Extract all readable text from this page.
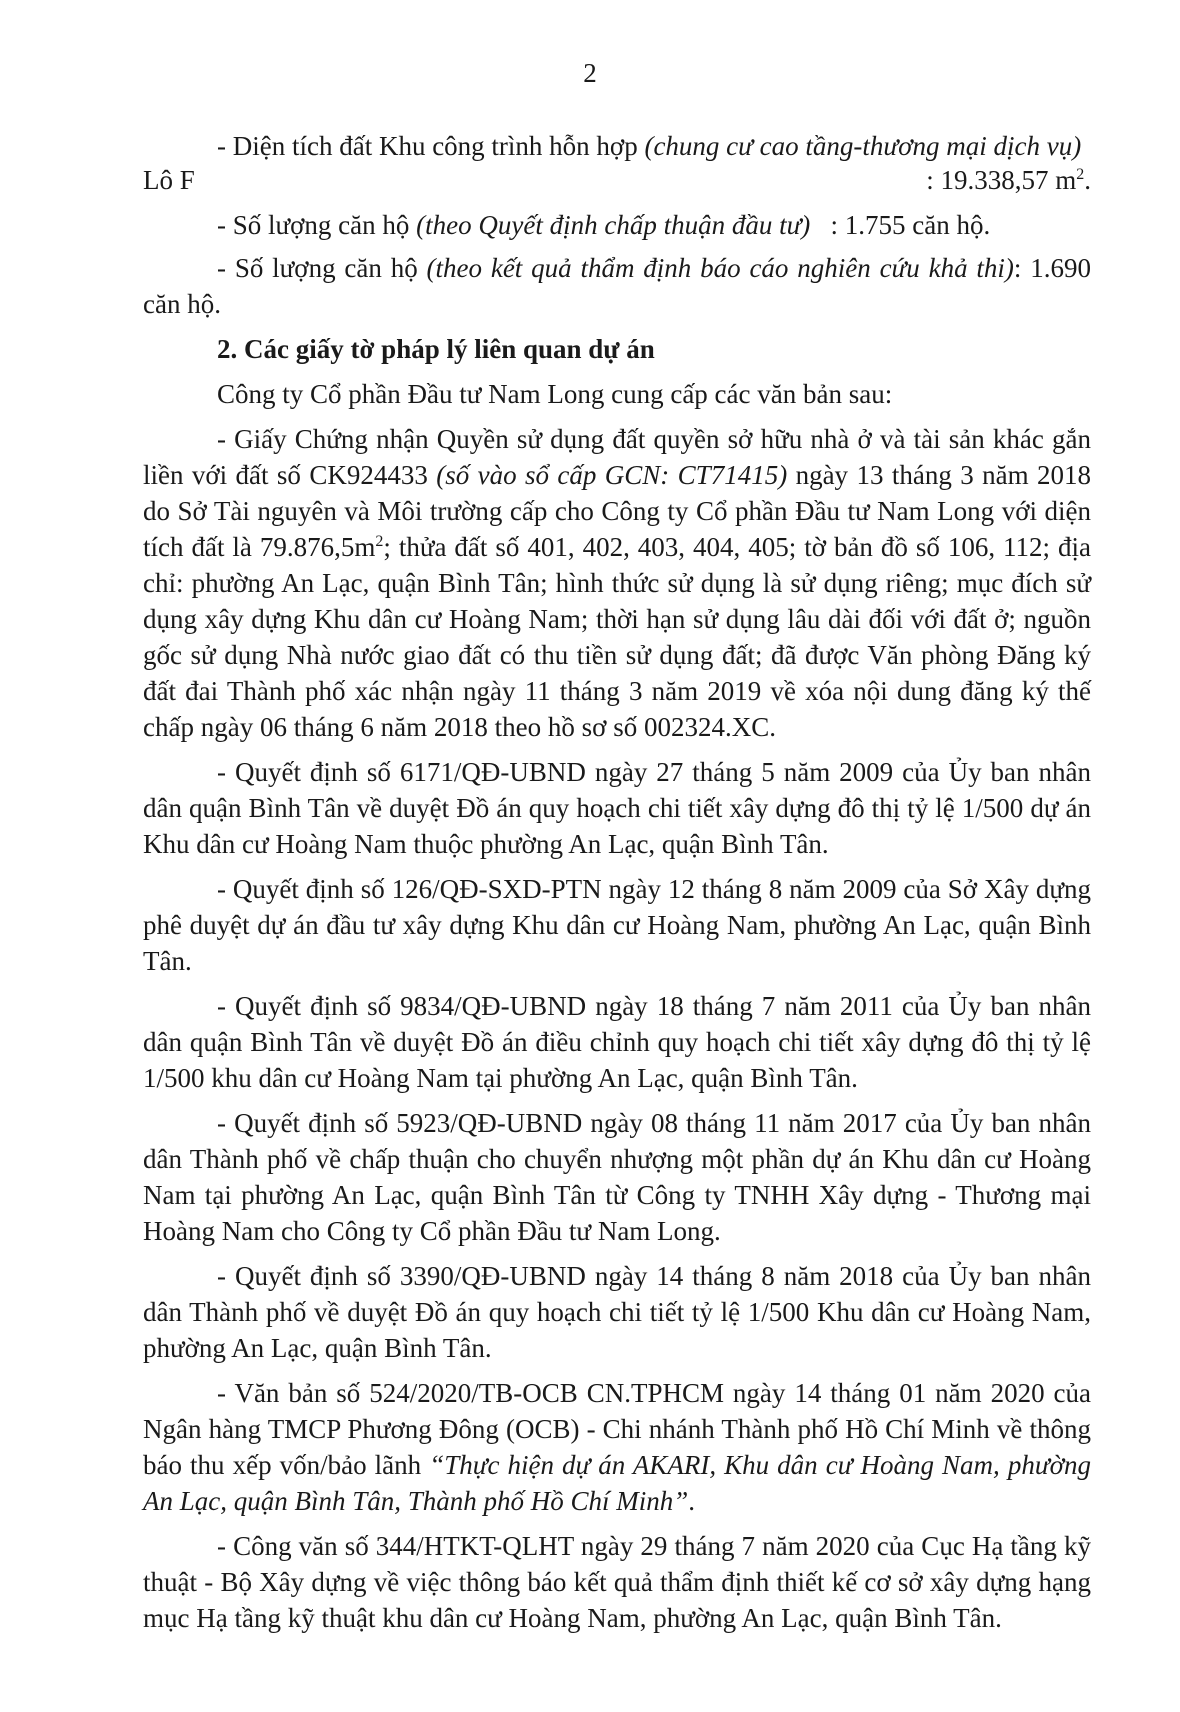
2
- Diện tích đất Khu công trình hỗn hợp (chung cư cao tầng-thương mại dịch vụ)
Lô F	: 19.338,57 $m^2$.
- Số lượng căn hộ (theo Quyết định chấp thuận đầu tư) : 1.755 căn hộ.
- Số lượng căn hộ (theo kết quả thẩm định báo cáo nghiên cứu khả thi): 1.690 căn hộ.
2. Các giấy tờ pháp lý liên quan dự án
Công ty Cổ phần Đầu tư Nam Long cung cấp các văn bản sau:
- Giấy Chứng nhận Quyền sử dụng đất quyền sở hữu nhà ở và tài sản khác gắn liền với đất số CK924433 (số vào sổ cấp GCN: CT71415) ngày 13 tháng 3 năm 2018 do Sở Tài nguyên và Môi trường cấp cho Công ty Cổ phần Đầu tư Nam Long với diện tích đất là $79.876,5m^2$; thửa đất số 401, 402, 403, 404, 405; tờ bản đồ số 106, 112; địa chỉ: phường An Lạc, quận Bình Tân; hình thức sử dụng là sử dụng riêng; mục đích sử dụng xây dựng Khu dân cư Hoàng Nam; thời hạn sử dụng lâu dài đối với đất ở; nguồn gốc sử dụng Nhà nước giao đất có thu tiền sử dụng đất; đã được Văn phòng Đăng ký đất đai Thành phố xác nhận ngày 11 tháng 3 năm 2019 về xóa nội dung đăng ký thế chấp ngày 06 tháng 6 năm 2018 theo hồ sơ số 002324.XC.
- Quyết định số 6171/QĐ-UBND ngày 27 tháng 5 năm 2009 của Ủy ban nhân dân quận Bình Tân về duyệt Đồ án quy hoạch chi tiết xây dựng đô thị tỷ lệ 1/500 dự án Khu dân cư Hoàng Nam thuộc phường An Lạc, quận Bình Tân.
- Quyết định số 126/QĐ-SXD-PTN ngày 12 tháng 8 năm 2009 của Sở Xây dựng phê duyệt dự án đầu tư xây dựng Khu dân cư Hoàng Nam, phường An Lạc, quận Bình Tân.
- Quyết định số 9834/QĐ-UBND ngày 18 tháng 7 năm 2011 của Ủy ban nhân dân quận Bình Tân về duyệt Đồ án điều chỉnh quy hoạch chi tiết xây dựng đô thị tỷ lệ 1/500 khu dân cư Hoàng Nam tại phường An Lạc, quận Bình Tân.
- Quyết định số 5923/QĐ-UBND ngày 08 tháng 11 năm 2017 của Ủy ban nhân dân Thành phố về chấp thuận cho chuyển nhượng một phần dự án Khu dân cư Hoàng Nam tại phường An Lạc, quận Bình Tân từ Công ty TNHH Xây dựng - Thương mại Hoàng Nam cho Công ty Cổ phần Đầu tư Nam Long.
- Quyết định số 3390/QĐ-UBND ngày 14 tháng 8 năm 2018 của Ủy ban nhân dân Thành phố về duyệt Đồ án quy hoạch chi tiết tỷ lệ 1/500 Khu dân cư Hoàng Nam, phường An Lạc, quận Bình Tân.
- Văn bản số 524/2020/TB-OCB CN.TPHCM ngày 14 tháng 01 năm 2020 của Ngân hàng TMCP Phương Đông (OCB) - Chi nhánh Thành phố Hồ Chí Minh về thông báo thu xếp vốn/bảo lãnh “Thực hiện dự án AKARI, Khu dân cư Hoàng Nam, phường An Lạc, quận Bình Tân, Thành phố Hồ Chí Minh”.
- Công văn số 344/HTKT-QLHT ngày 29 tháng 7 năm 2020 của Cục Hạ tầng kỹ thuật - Bộ Xây dựng về việc thông báo kết quả thẩm định thiết kế cơ sở xây dựng hạng mục Hạ tầng kỹ thuật khu dân cư Hoàng Nam, phường An Lạc, quận Bình Tân.
